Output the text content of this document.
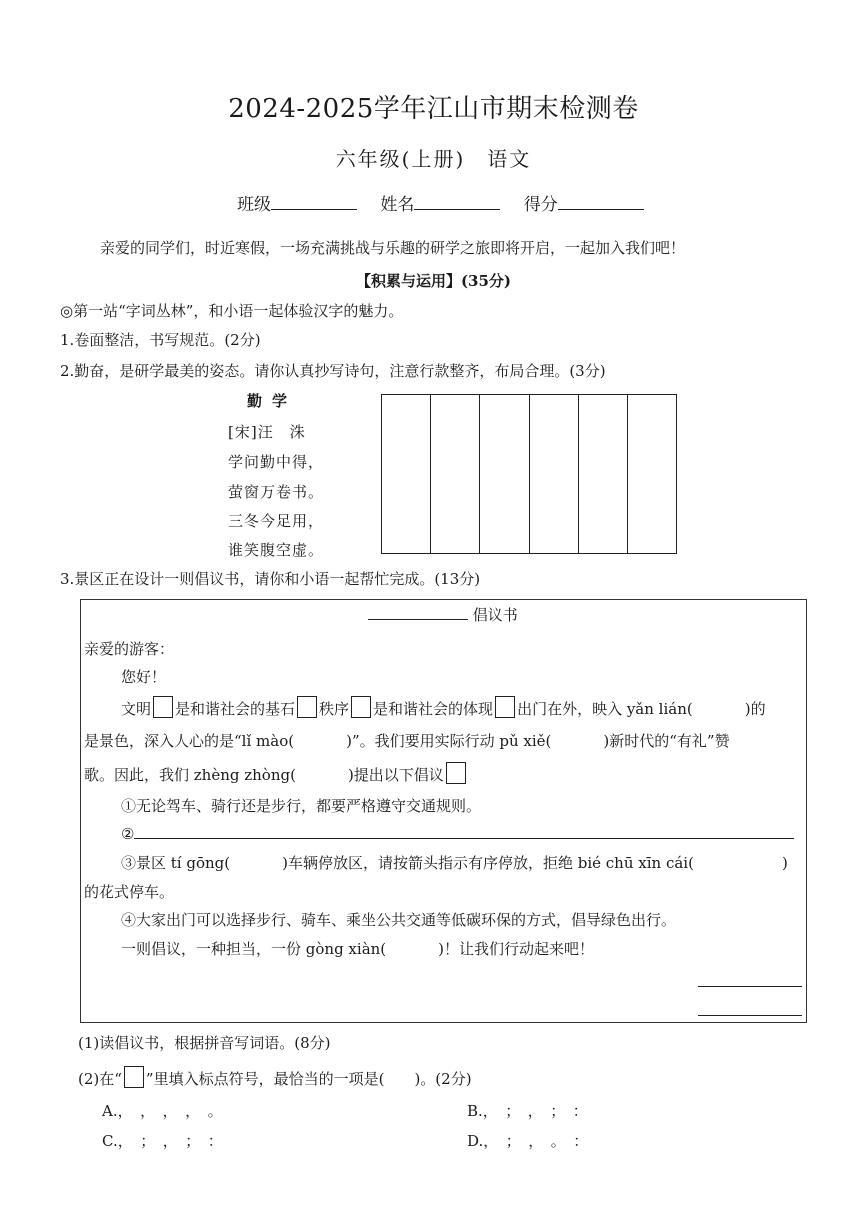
2024-2025学年江山市期末检测卷
六年级(上册)　语文
班级	姓名	得分
亲爱的同学们，时近寒假，一场充满挑战与乐趣的研学之旅即将开启，一起加入我们吧！
【积累与运用】(35分)
◎第一站“字词丛林”，和小语一起体验汉字的魅力。
1.卷面整洁，书写规范。(2分)
2.勤奋，是研学最美的姿态。请你认真抄写诗句，注意行款整齐，布局合理。(3分)
勤学
[宋]汪　洙
学问勤中得，
萤窗万卷书。
三冬今足用，
谁笑腹空虚。
3.景区正在设计一则倡议书，请你和小语一起帮忙完成。(13分)
倡议书
亲爱的游客：
您好！
文明 是和谐社会的基石 秩序 是和谐社会的体现 出门在外，映入 yǎn lián(	)的
是景色，深入人心的是“lǐ mào(	)”。我们要用实际行动 pǔ xiě(	)新时代的“有礼”赞
歌。因此，我们 zhèng zhòng(	)提出以下倡议
①无论驾车、骑行还是步行，都要严格遵守交通规则。
②
③景区 tí gōng(	)车辆停放区，请按箭头指示有序停放，拒绝 bié chū xīn cái(	)
的花式停车。
④大家出门可以选择步行、骑车、乘坐公共交通等低碳环保的方式，倡导绿色出行。
一则倡议，一种担当，一份 gòng xiàn(	)！让我们行动起来吧！
(1)读倡议书，根据拼音写词语。(8分)
(2)在“ ”里填入标点符号，最恰当的一项是(　　)。(2分)
A.，　，　，　，　。	B.，　；　，　；　：
C.，　；　，　；　：	D.，　；　，　。　：
